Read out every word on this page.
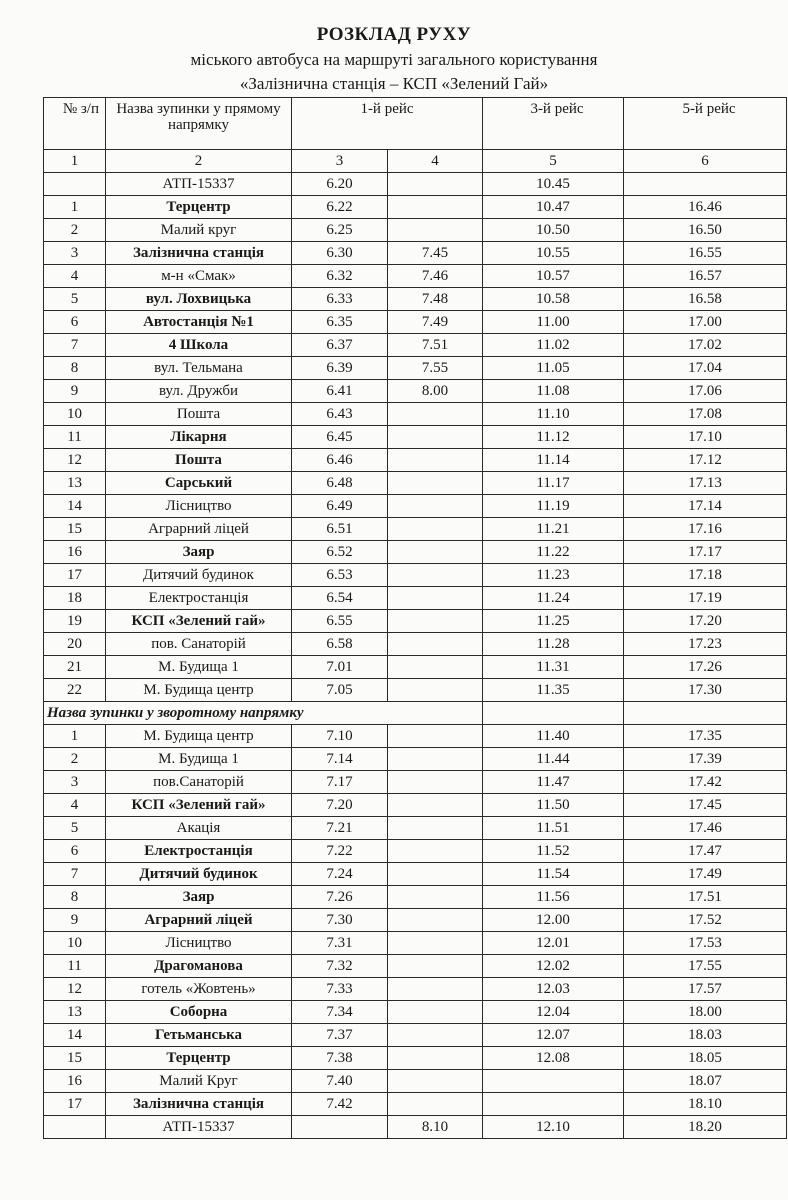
РОЗКЛАД РУХУ
міського автобуса на маршруті загального користування
«Залізнична станція – КСП «Зелений Гай»
№ з/п	Назва зупинки у прямому напрямку	1-й рейс		3-й рейс	5-й рейс
1	2	3	4	5	6
	АТП-15337	6.20		10.45	
1	Терцентр	6.22		10.47	16.46
2	Малий круг	6.25		10.50	16.50
3	Залізнична станція	6.30	7.45	10.55	16.55
4	м-н «Смак»	6.32	7.46	10.57	16.57
5	вул. Лохвицька	6.33	7.48	10.58	16.58
6	Автостанція №1	6.35	7.49	11.00	17.00
7	4 Школа	6.37	7.51	11.02	17.02
8	вул. Тельмана	6.39	7.55	11.05	17.04
9	вул. Дружби	6.41	8.00	11.08	17.06
10	Пошта	6.43		11.10	17.08
11	Лікарня	6.45		11.12	17.10
12	Пошта	6.46		11.14	17.12
13	Сарський	6.48		11.17	17.13
14	Лісництво	6.49		11.19	17.14
15	Аграрний ліцей	6.51		11.21	17.16
16	Заяр	6.52		11.22	17.17
17	Дитячий будинок	6.53		11.23	17.18
18	Електростанція	6.54		11.24	17.19
19	КСП «Зелений гай»	6.55		11.25	17.20
20	пов. Санаторій	6.58		11.28	17.23
21	М. Будища 1	7.01		11.31	17.26
22	М. Будища центр	7.05		11.35	17.30
Назва зупинки у зворотному напрямку					
1	М. Будища центр	7.10		11.40	17.35
2	М. Будища 1	7.14		11.44	17.39
3	пов.Санаторій	7.17		11.47	17.42
4	КСП «Зелений гай»	7.20		11.50	17.45
5	Акація	7.21		11.51	17.46
6	Електростанція	7.22		11.52	17.47
7	Дитячий будинок	7.24		11.54	17.49
8	Заяр	7.26		11.56	17.51
9	Аграрний ліцей	7.30		12.00	17.52
10	Лісництво	7.31		12.01	17.53
11	Драгоманова	7.32		12.02	17.55
12	готель «Жовтень»	7.33		12.03	17.57
13	Соборна	7.34		12.04	18.00
14	Гетьманська	7.37		12.07	18.03
15	Терцентр	7.38		12.08	18.05
16	Малий Круг	7.40			18.07
17	Залізнична станція	7.42			18.10
	АТП-15337		8.10	12.10	18.20
